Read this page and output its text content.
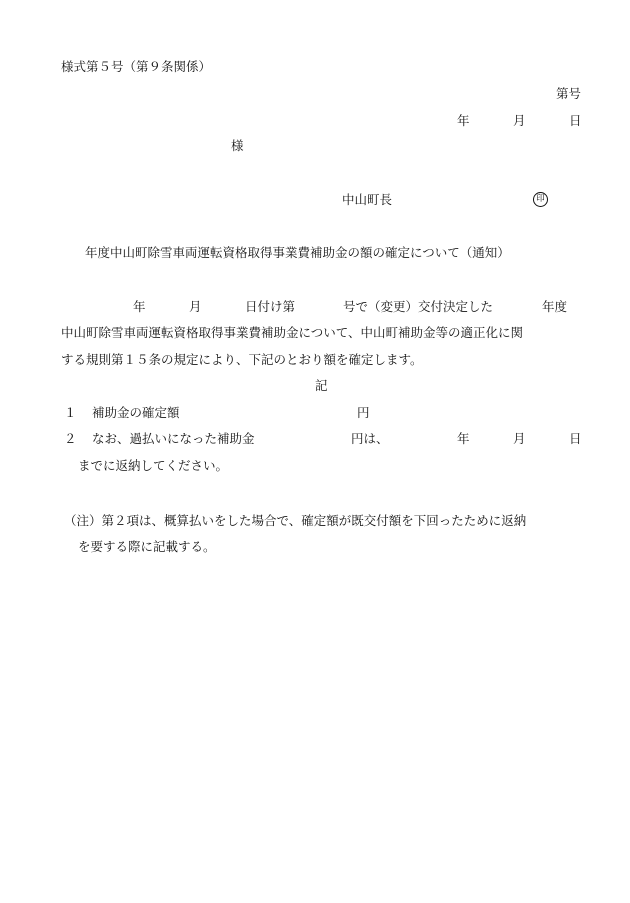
様式第５号（第９条関係）
第号
年	月	日
様
中山町長	印
年度中山町除雪車両運転資格取得事業費補助金の額の確定について（通知）
年	月	日付け第	号で（変更）交付決定した	年度
中山町除雪車両運転資格取得事業費補助金について、中山町補助金等の適正化に関
する規則第１５条の規定により、下記のとおり額を確定します。
記
１ 補助金の確定額	円
２ なお、過払いになった補助金	円は、	年	月	日
までに返納してください。
（注）第２項は、概算払いをした場合で、確定額が既交付額を下回ったために返納
を要する際に記載する。
